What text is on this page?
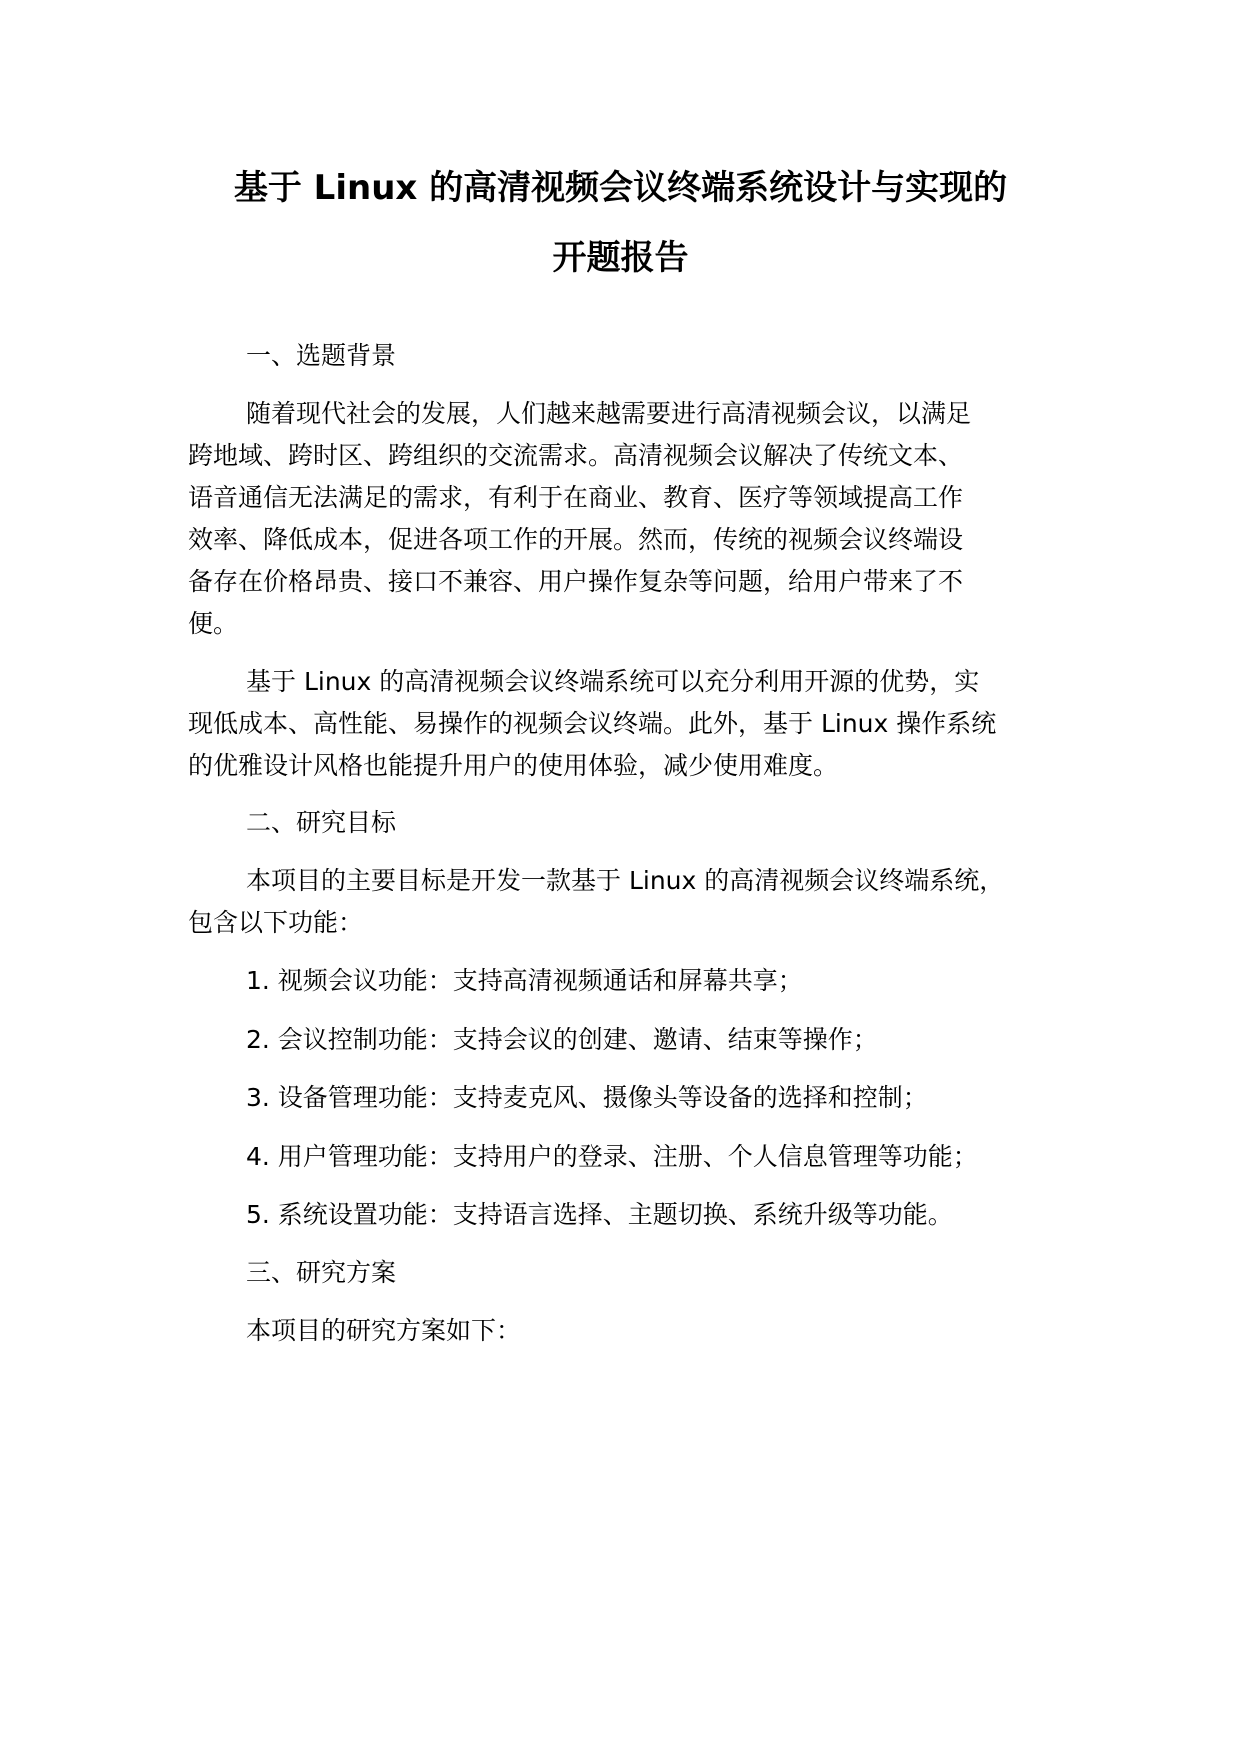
基于 Linux 的高清视频会议终端系统设计与实现的
开题报告
一、选题背景
随着现代社会的发展，人们越来越需要进行高清视频会议，以满足
跨地域、跨时区、跨组织的交流需求。高清视频会议解决了传统文本、
语音通信无法满足的需求，有利于在商业、教育、医疗等领域提高工作
效率、降低成本，促进各项工作的开展。然而，传统的视频会议终端设
备存在价格昂贵、接口不兼容、用户操作复杂等问题，给用户带来了不
便。
基于 Linux 的高清视频会议终端系统可以充分利用开源的优势，实
现低成本、高性能、易操作的视频会议终端。此外，基于 Linux 操作系统
的优雅设计风格也能提升用户的使用体验，减少使用难度。
二、研究目标
本项目的主要目标是开发一款基于 Linux 的高清视频会议终端系统，
包含以下功能：
1. 视频会议功能：支持高清视频通话和屏幕共享；
2. 会议控制功能：支持会议的创建、邀请、结束等操作；
3. 设备管理功能：支持麦克风、摄像头等设备的选择和控制；
4. 用户管理功能：支持用户的登录、注册、个人信息管理等功能；
5. 系统设置功能：支持语言选择、主题切换、系统升级等功能。
三、研究方案
本项目的研究方案如下：
